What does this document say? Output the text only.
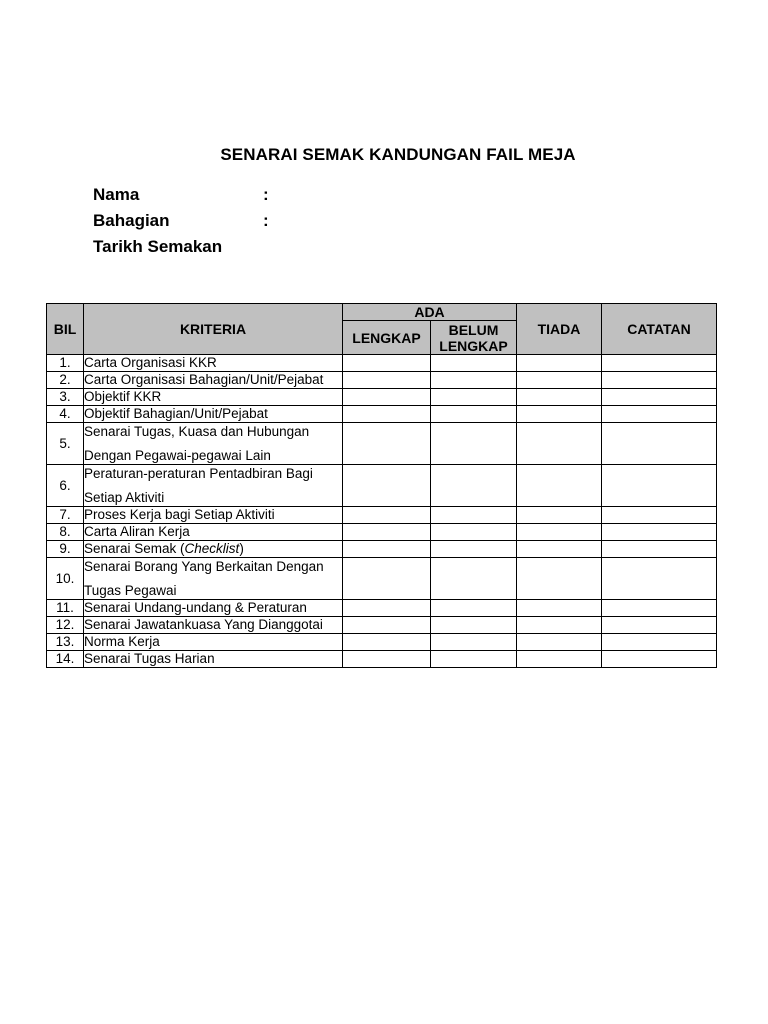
SENARAI SEMAK KANDUNGAN FAIL MEJA
Nama	:
Bahagian	:
Tarikh Semakan
BIL	KRITERIA	ADA		TIADA	CATATAN
		LENGKAP	BELUM
LENGKAP		
1.	Carta Organisasi KKR				
2.	Carta Organisasi Bahagian/Unit/Pejabat				
3.	Objektif KKR				
4.	Objektif Bahagian/Unit/Pejabat				
5.	Senarai Tugas, Kuasa dan Hubungan
Dengan Pegawai-pegawai Lain				

6.	Peraturan-peraturan Pentadbiran Bagi
Setiap Aktiviti				

7.	Proses Kerja bagi Setiap Aktiviti				
8.	Carta Aliran Kerja				
9.	Senarai Semak (Checklist)				
10.	Senarai Borang Yang Berkaitan Dengan
Tugas Pegawai				

11.	Senarai Undang-undang & Peraturan				
12.	Senarai Jawatankuasa Yang Dianggotai				
13.	Norma Kerja				
14.	Senarai Tugas Harian				
